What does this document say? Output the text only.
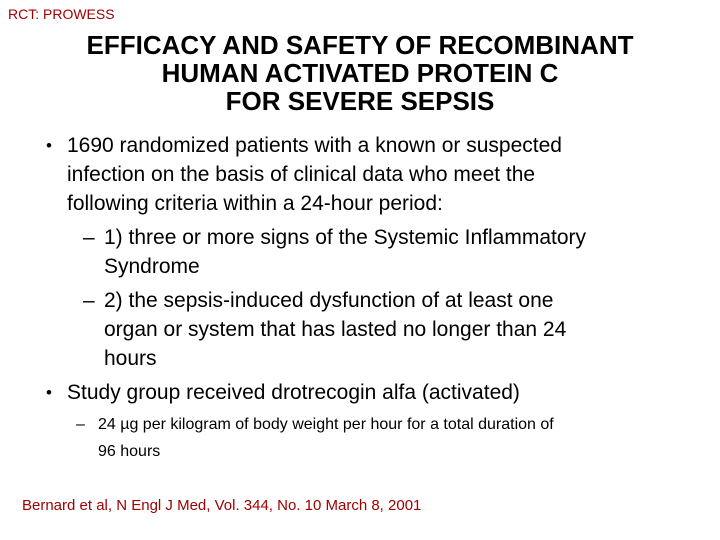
RCT: PROWESS
EFFICACY AND SAFETY OF RECOMBINANT
HUMAN ACTIVATED PROTEIN C
FOR SEVERE SEPSIS
• 1690 randomized patients with a known or suspected
infection on the basis of clinical data who meet the
following criteria within a 24-hour period:
– 1) three or more signs of the Systemic Inflammatory
Syndrome
– 2) the sepsis-induced dysfunction of at least one
organ or system that has lasted no longer than 24
hours
• Study group received drotrecogin alfa (activated)
– 24 µg per kilogram of body weight per hour for a total duration of
96 hours
Bernard et al, N Engl J Med, Vol. 344, No. 10 March 8, 2001
